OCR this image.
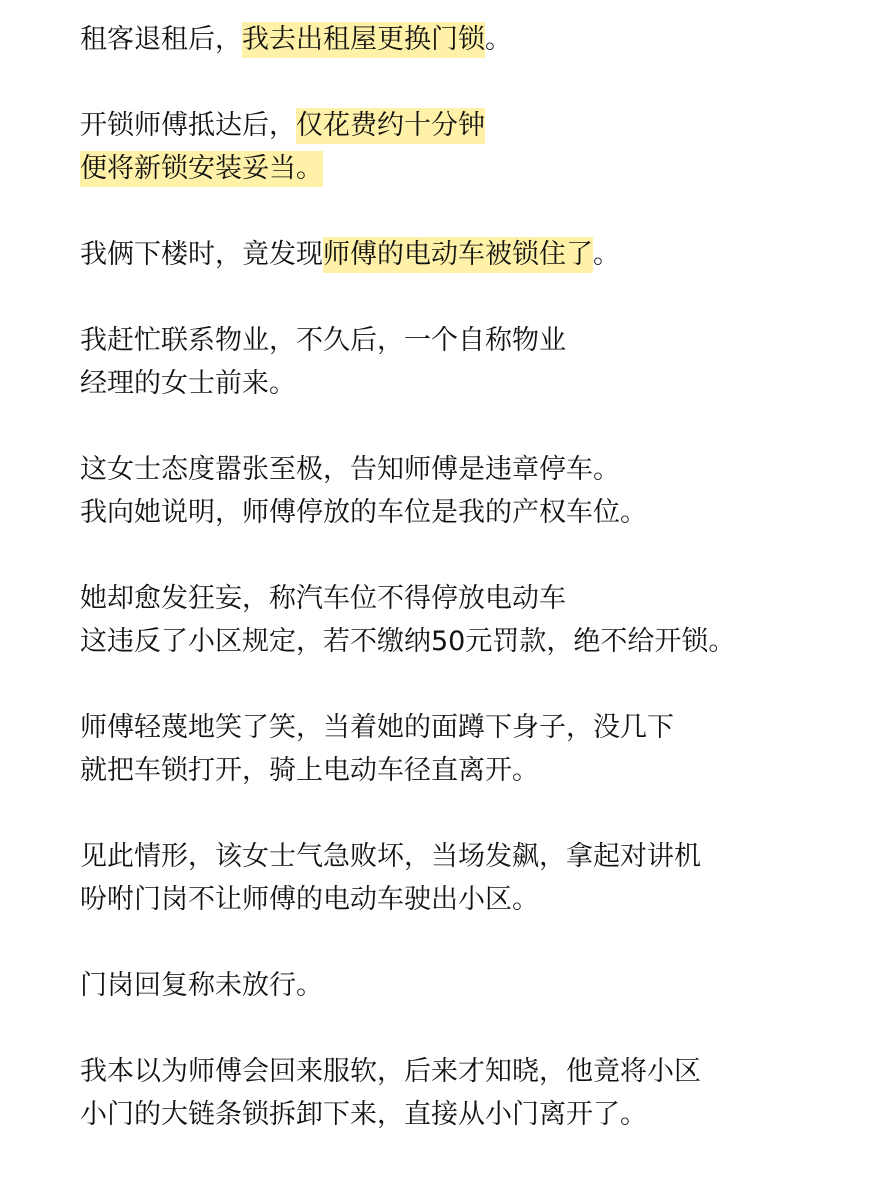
租客退租后，我去出租屋更换门锁。
开锁师傅抵达后，仅花费约十分钟
便将新锁安装妥当。
我俩下楼时，竟发现师傅的电动车被锁住了。
我赶忙联系物业，不久后，一个自称物业
经理的女士前来。
这女士态度嚣张至极，告知师傅是违章停车。
我向她说明，师傅停放的车位是我的产权车位。
她却愈发狂妄，称汽车位不得停放电动车
这违反了小区规定，若不缴纳50元罚款，绝不给开锁。
师傅轻蔑地笑了笑，当着她的面蹲下身子，没几下
就把车锁打开，骑上电动车径直离开。
见此情形，该女士气急败坏，当场发飙，拿起对讲机
吩咐门岗不让师傅的电动车驶出小区。
门岗回复称未放行。
我本以为师傅会回来服软，后来才知晓，他竟将小区
小门的大链条锁拆卸下来，直接从小门离开了。
